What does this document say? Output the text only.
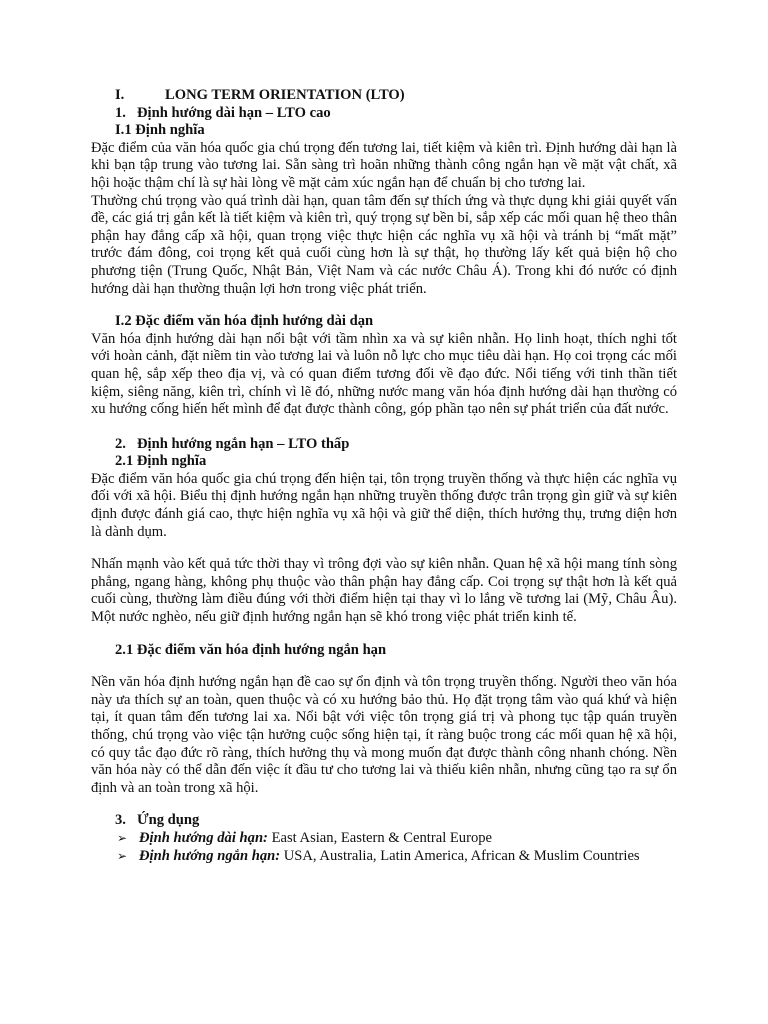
I.	LONG TERM ORIENTATION (LTO)
1. Định hướng dài hạn – LTO cao
I.1 Định nghĩa

Đặc điểm của văn hóa quốc gia chú trọng đến tương lai, tiết kiệm và kiên trì. Định hướng dài hạn là khi bạn tập trung vào tương lai. Sẵn sàng trì hoãn những thành công ngắn hạn về mặt vật chất, xã hội hoặc thậm chí là sự hài lòng về mặt cảm xúc ngắn hạn để chuẩn bị cho tương lai.

Thường chú trọng vào quá trình dài hạn, quan tâm đến sự thích ứng và thực dụng khi giải quyết vấn đề, các giá trị gắn kết là tiết kiệm và kiên trì, quý trọng sự bền bỉ, sắp xếp các mối quan hệ theo thân phận hay đẳng cấp xã hội, quan trọng việc thực hiện các nghĩa vụ xã hội và tránh bị “mất mặt” trước đám đông, coi trọng kết quả cuối cùng hơn là sự thật, họ thường lấy kết quả biện hộ cho phương tiện (Trung Quốc, Nhật Bản, Việt Nam và các nước Châu Á). Trong khi đó nước có định hướng dài hạn thường thuận lợi hơn trong việc phát triển.

I.2 Đặc điểm văn hóa định hướng dài dạn

Văn hóa định hướng dài hạn nổi bật với tầm nhìn xa và sự kiên nhẫn. Họ linh hoạt, thích nghi tốt với hoàn cảnh, đặt niềm tin vào tương lai và luôn nỗ lực cho mục tiêu dài hạn. Họ coi trọng các mối quan hệ, sắp xếp theo địa vị, và có quan điểm tương đối về đạo đức. Nổi tiếng với tinh thần tiết kiệm, siêng năng, kiên trì, chính vì lẽ đó, những nước mang văn hóa định hướng dài hạn thường có xu hướng cống hiến hết mình để đạt được thành công, góp phần tạo nên sự phát triển của đất nước.

2. Định hướng ngắn hạn – LTO thấp
2.1 Định nghĩa

Đặc điểm văn hóa quốc gia chú trọng đến hiện tại, tôn trọng truyền thống và thực hiện các nghĩa vụ đối với xã hội. Biểu thị định hướng ngắn hạn những truyền thống được trân trọng gìn giữ và sự kiên định được đánh giá cao, thực hiện nghĩa vụ xã hội và giữ thể diện, thích hưởng thụ, trưng diện hơn là dành dụm.

Nhấn mạnh vào kết quả tức thời thay vì trông đợi vào sự kiên nhẫn. Quan hệ xã hội mang tính sòng phẳng, ngang hàng, không phụ thuộc vào thân phận hay đẳng cấp. Coi trọng sự thật hơn là kết quả cuối cùng, thường làm điều đúng với thời điểm hiện tại thay vì lo lắng về tương lai (Mỹ, Châu Âu). Một nước nghèo, nếu giữ định hướng ngắn hạn sẽ khó trong việc phát triển kinh tế.

2.1 Đặc điểm văn hóa định hướng ngắn hạn

Nền văn hóa định hướng ngắn hạn đề cao sự ổn định và tôn trọng truyền thống. Người theo văn hóa này ưa thích sự an toàn, quen thuộc và có xu hướng bảo thủ. Họ đặt trọng tâm vào quá khứ và hiện tại, ít quan tâm đến tương lai xa. Nổi bật với việc tôn trọng giá trị và phong tục tập quán truyền thống, chú trọng vào việc tận hưởng cuộc sống hiện tại, ít ràng buộc trong các mối quan hệ xã hội, có quy tắc đạo đức rõ ràng, thích hưởng thụ và mong muốn đạt được thành công nhanh chóng. Nền văn hóa này có thể dẫn đến việc ít đầu tư cho tương lai và thiếu kiên nhẫn, nhưng cũng tạo ra sự ổn định và an toàn trong xã hội.

3. Ứng dụng
➢ Định hướng dài hạn: East Asian, Eastern & Central Europe
➢ Định hướng ngắn hạn: USA, Australia, Latin America, African & Muslim Countries
